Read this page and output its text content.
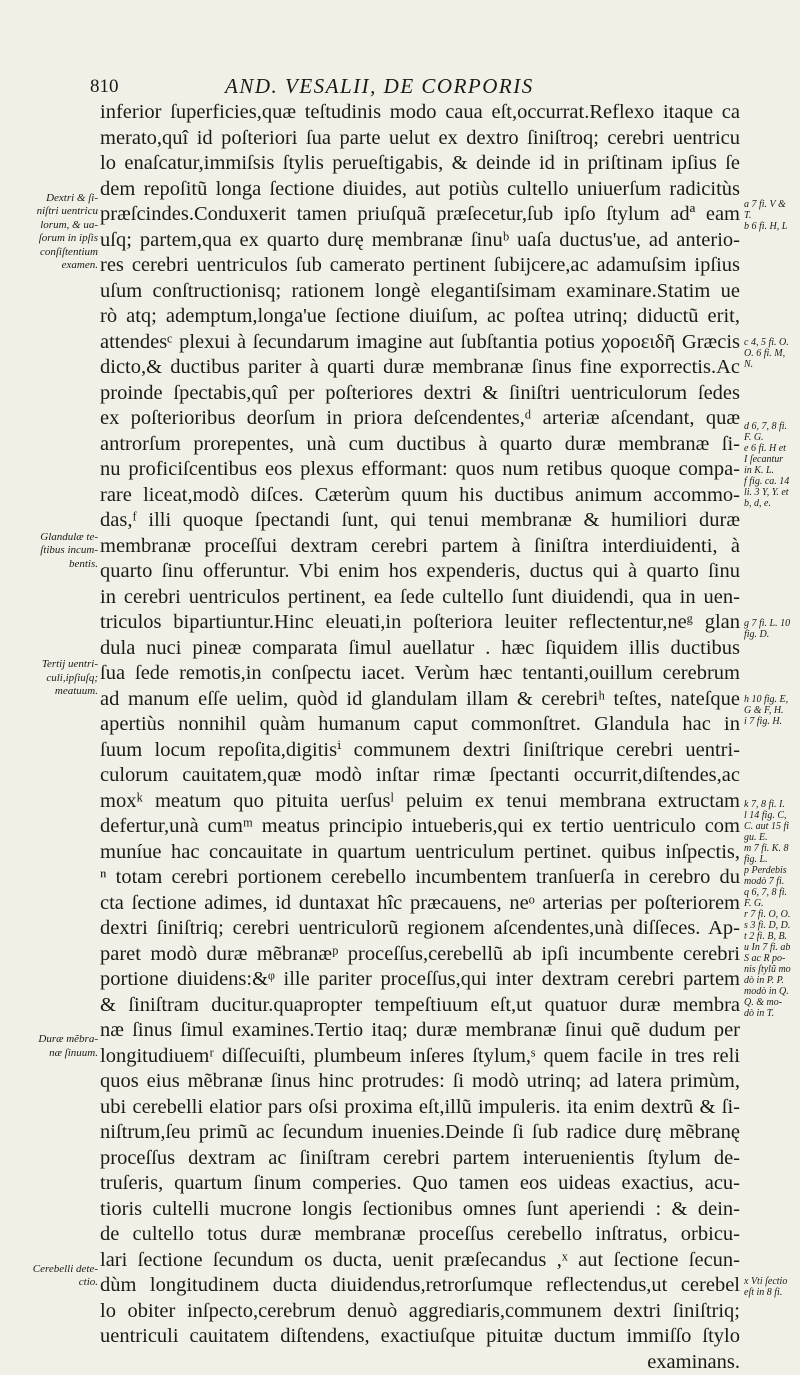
810	AND. VESALII, DE CORPORIS
inferior ſuperficies,quæ teſtudinis modo caua eſt,occurrat.Reflexo itaque ca
merato,quî id poſteriori ſua parte uelut ex dextro ſiniſtroq; cerebri uentricu
lo enaſcatur,immiſsis ſtylis perueſtigabis, & deinde id in priſtinam ipſius ſe
dem repoſitũ longa ſectione diuides, aut potiùs cultello uniuerſum radicitùs
præſcindes.Conduxerit tamen priuſquã præſecetur,ſub ipſo ſtylum adª eam
uſq; partem,qua ex quarto durę membranæ ſinuᵇ uaſa ductus'ue, ad anterio-
res cerebri uentriculos ſub camerato pertinent ſubijcere,ac adamuſsim ipſius
uſum conſtructionisq; rationem longè elegantiſsimam examinare.Statim ue
rò atq; ademptum,longa'ue ſectione diuiſum, ac poſtea utrinq; diductũ erit,
attendesᶜ plexui à ſecundarum imagine aut ſubſtantia potius χοροειδῆ Græcis
dicto,& ductibus pariter à quarti duræ membranæ ſinus fine exporrectis.Ac
proinde ſpectabis,quî per poſteriores dextri & ſiniſtri uentriculorum ſedes
ex poſterioribus deorſum in priora deſcendentes,ᵈ arteriæ aſcendant, quæ
antrorſum prorepentes, unà cum ductibus à quarto duræ membranæ ſi-
nu proficiſcentibus eos plexus efformant: quos num retibus quoque compa-
rare liceat,modò diſces. Cæterùm quum his ductibus animum accommo-
das,ᶠ illi quoque ſpectandi ſunt, qui tenui membranæ & humiliori duræ
membranæ proceſſui dextram cerebri partem à ſiniſtra interdiuidenti, à
quarto ſinu offeruntur. Vbi enim hos expenderis, ductus qui à quarto ſinu
in cerebri uentriculos pertinent, ea ſede cultello ſunt diuidendi, qua in uen-
triculos bipartiuntur.Hinc eleuati,in poſteriora leuiter reflectentur,neᵍ glan
dula nuci pineæ comparata ſimul auellatur . hæc ſiquidem illis ductibus
ſua ſede remotis,in conſpectu iacet. Verùm hæc tentanti,ouillum cerebrum
ad manum eſſe uelim, quòd id glandulam illam & cerebriʰ teſtes, nateſque
apertiùs nonnihil quàm humanum caput commonſtret. Glandula hac in
ſuum locum repoſita,digitisⁱ communem dextri ſiniſtrique cerebri uentri-
culorum cauitatem,quæ modò inſtar rimæ ſpectanti occurrit,diſtendes,ac
moxᵏ meatum quo pituita uerſusˡ peluim ex tenui membrana extructam
defertur,unà cumᵐ meatus principio intueberis,qui ex tertio uentriculo com
muníue hac concauitate in quartum uentriculum pertinet. quibus inſpectis,
ⁿ totam cerebri portionem cerebello incumbentem tranſuerſa in cerebro du
cta ſectione adimes, id duntaxat hîc præcauens, neᵒ arterias per poſteriorem
dextri ſiniſtriq; cerebri uentriculorũ regionem aſcendentes,unà diſſeces. Ap-
paret modò duræ mẽbranæᵖ proceſſus,cerebellũ ab ipſi incumbente cerebri
portione diuidens:&ᵠ ille pariter proceſſus,qui inter dextram cerebri partem
& ſiniſtram ducitur.quapropter tempeſtiuum eſt,ut quatuor duræ membra
næ ſinus ſimul examines.Tertio itaq; duræ membranæ ſinui quẽ dudum per
longitudiuemʳ diſſecuiſti, plumbeum inſeres ſtylum,ˢ quem facile in tres reli
quos eius mẽbranæ ſinus hinc protrudes: ſi modò utrinq; ad latera primùm,
ubi cerebelli elatior pars oſsi proxima eſt,illũ impuleris. ita enim dextrũ & ſi-
niſtrum,ſeu primũ ac ſecundum inuenies.Deinde ſi ſub radice durę mẽbranę
proceſſus dextram ac ſiniſtram cerebri partem interuenientis ſtylum de-
truſeris, quartum ſinum comperies. Quo tamen eos uideas exactius, acu-
tioris cultelli mucrone longis ſectionibus omnes ſunt aperiendi : & dein-
de cultello totus duræ membranæ proceſſus cerebello inſtratus, orbicu-
lari ſectione ſecundum os ducta, uenit præſecandus ,ˣ aut ſectione ſecun-
dùm longitudinem ducta diuidendus,retrorſumque reflectendus,ut cerebel
lo obiter inſpecto,cerebrum denuò aggrediaris,communem dextri ſiniſtriq;
uentriculi cauitatem diſtendens, exactiuſque pituitæ ductum immiſſo ſtylo
examinans.
Dextri & ſi-
niſtri uentricu
lorum, & ua-
ſorum in ipſis
conſiſtentium
examen.
Glandulæ te-
ſtibus incum-
bentis.
Tertij uentri-
culi,ipſiuſq;
meatuum.
Duræ mẽbra-
næ ſinuum.
Cerebelli dete-
ctio.
a 7 fi. V &
T.
b 6 fi. H, L
c 4, 5 fi. O.
O. 6 fi. M,
N.
d 6, 7, 8 fi.
F. G.
e 6 fi. H et
I ſecantur
in K. L.
f fig. ca. 14
li. 3 Y, Y. et
b, d, e.
g 7 fi. L. 10
fig. D.
h 10 fig. E,
G & F, H.
i 7 fig. H.
k 7, 8 fi. I.
l 14 fig. C,
C. aut 15 fi
gu. E.
m 7 fi. K. 8
fig. L.
p Perdebis
modò 7 fi.
q 6, 7, 8 fi.
F. G.
r 7 fi. O, O.
s 3 fi. D, D.
t 2 fi. B, B.
u In 7 fi. ab
S ac R po-
nis ſtylũ mo
dò in P. P.
modò in Q.
Q. & mo-
dò in T.
x Vti ſectio
eſt in 8 fi.
